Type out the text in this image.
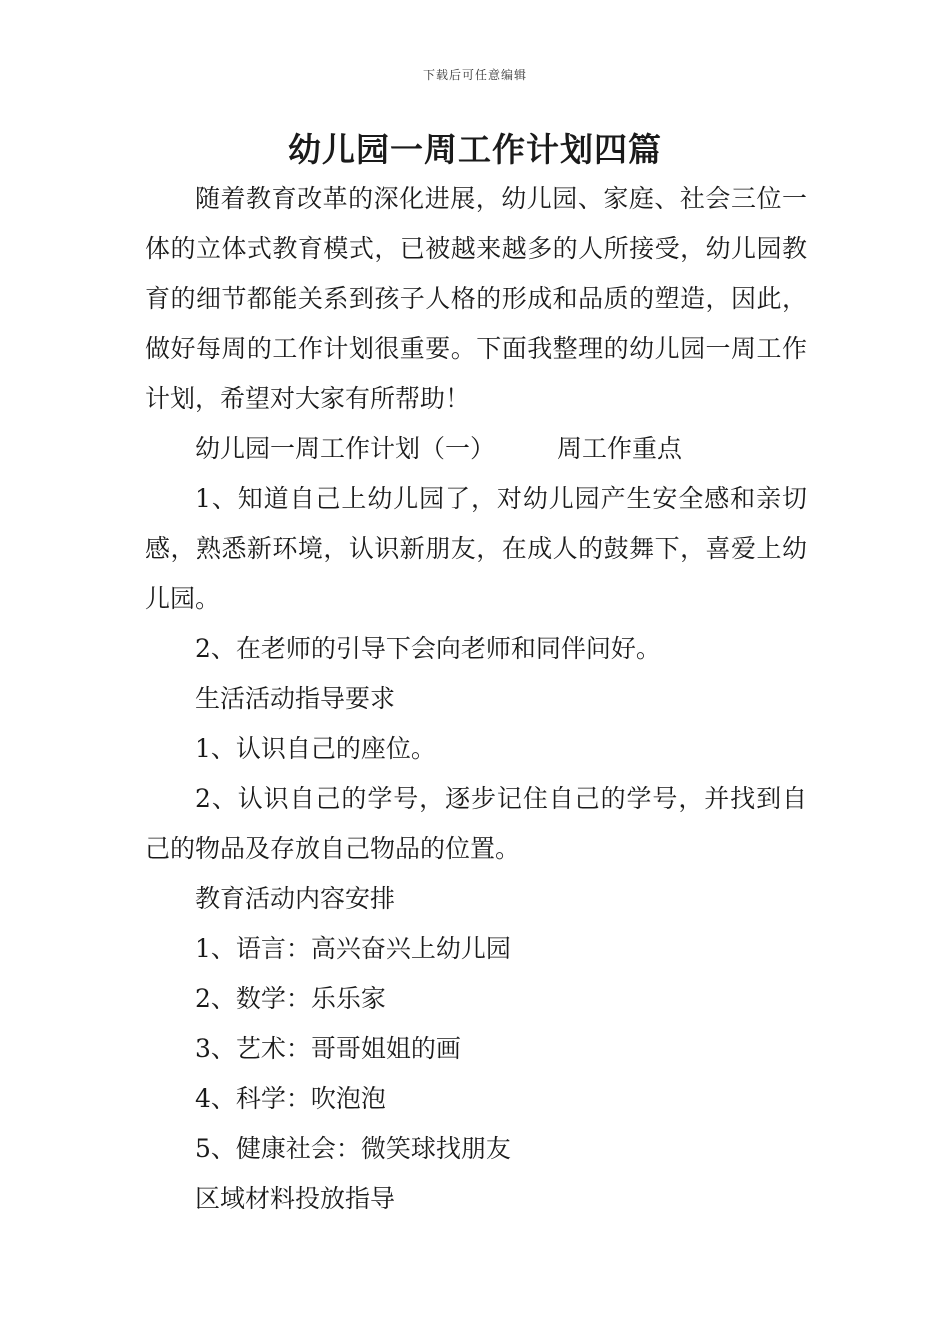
下载后可任意编辑
幼儿园一周工作计划四篇

随着教育改革的深化进展，幼儿园、家庭、社会三位一体的立体式教育模式，已被越来越多的人所接受，幼儿园教育的细节都能关系到孩子人格的形成和品质的塑造，因此，做好每周的工作计划很重要。下面我整理的幼儿园一周工作计划，希望对大家有所帮助！

幼儿园一周工作计划（一） 周工作重点

1、知道自己上幼儿园了，对幼儿园产生安全感和亲切感，熟悉新环境，认识新朋友，在成人的鼓舞下，喜爱上幼儿园。

2、在老师的引导下会向老师和同伴问好。

生活活动指导要求

1、认识自己的座位。

2、认识自己的学号，逐步记住自己的学号，并找到自己的物品及存放自己物品的位置。

教育活动内容安排

1、语言：高兴奋兴上幼儿园

2、数学：乐乐家

3、艺术：哥哥姐姐的画

4、科学：吹泡泡

5、健康社会：微笑球找朋友

区域材料投放指导
